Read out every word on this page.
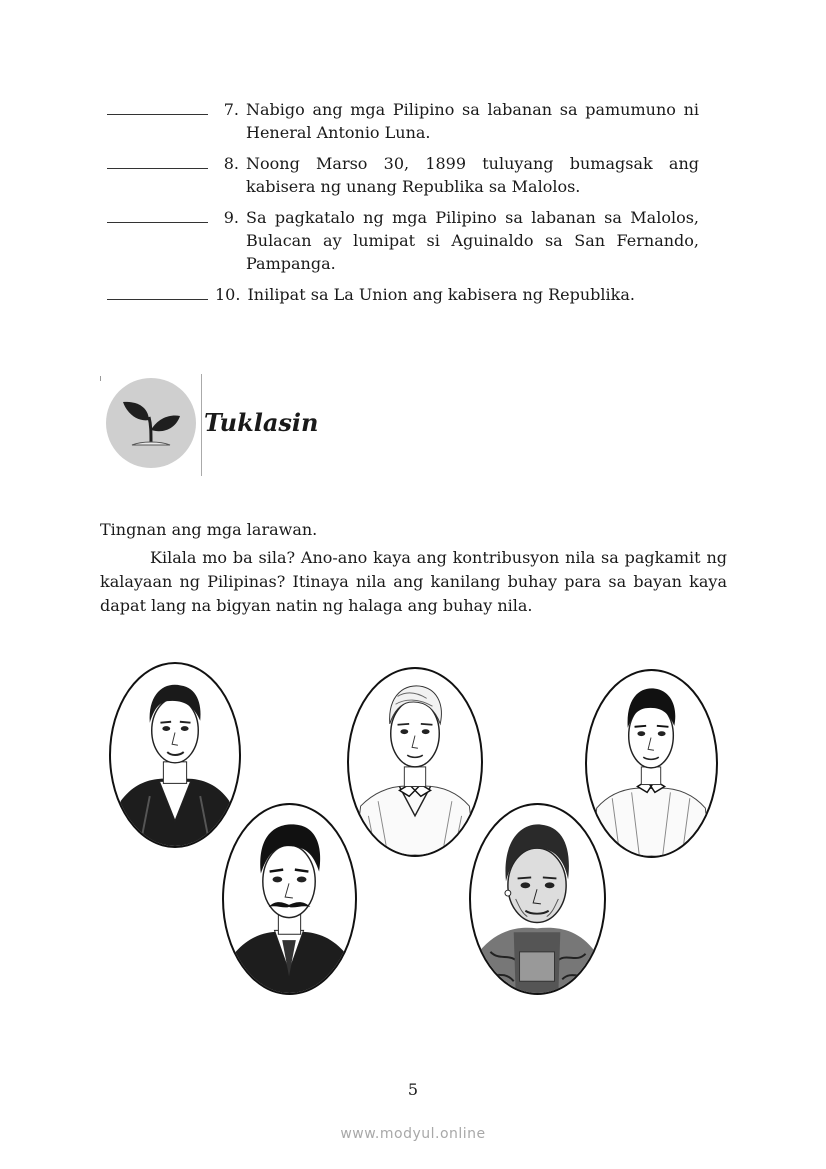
7. Nabigo ang mga Pilipino sa labanan sa pamumuno ni Heneral Antonio Luna.
8. Noong Marso 30, 1899 tuluyang bumagsak ang kabisera ng unang Republika sa Malolos.
9. Sa pagkatalo ng mga Pilipino sa labanan sa Malolos, Bulacan ay lumipat si Aguinaldo sa San Fernando, Pampanga.
10. Inilipat sa La Union ang kabisera ng Republika.
Tuklasin

Tingnan ang mga larawan.

Kilala mo ba sila? Ano-ano kaya ang kontribusyon nila sa pagkamit ng kalayaan ng Pilipinas? Itinaya nila ang kanilang buhay para sa bayan kaya dapat lang na bigyan natin ng halaga ang buhay nila.

5
www.modyul.online
